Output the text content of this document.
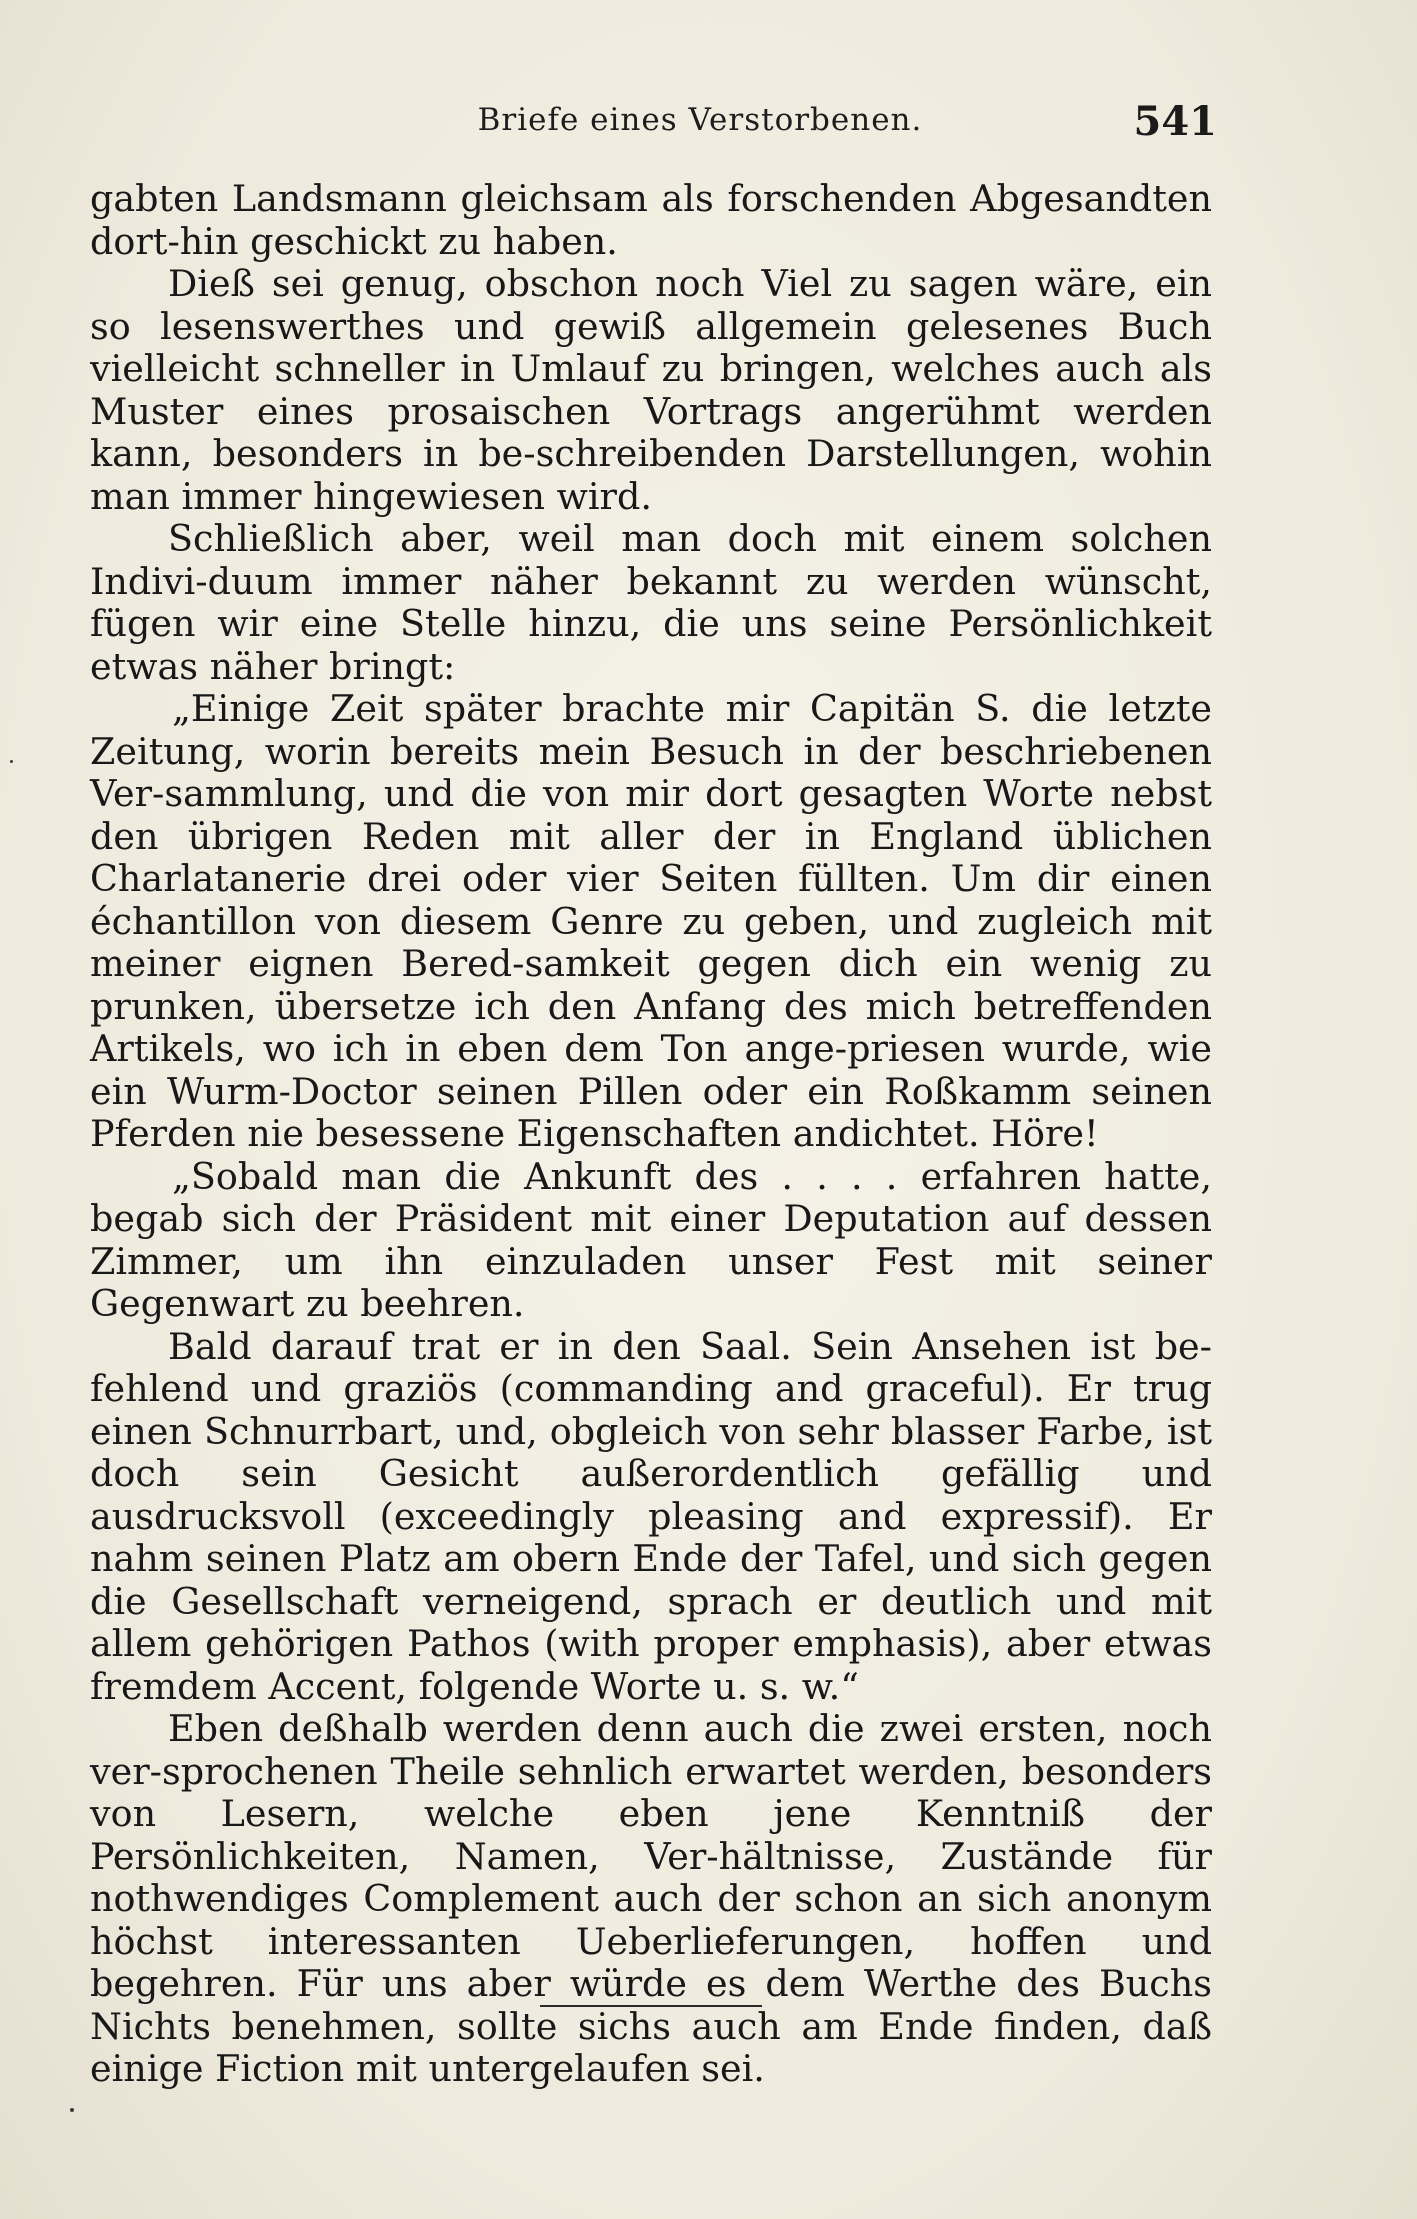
Briefe eines Verstorbenen.	541

gabten Landsmann gleichsam als forschenden Abgesandten dort-hin geschickt zu haben.

Dieß sei genug, obschon noch Viel zu sagen wäre, ein so lesenswerthes und gewiß allgemein gelesenes Buch vielleicht schneller in Umlauf zu bringen, welches auch als Muster eines prosaischen Vortrags angerühmt werden kann, besonders in be-schreibenden Darstellungen, wohin man immer hingewiesen wird.

Schließlich aber, weil man doch mit einem solchen Indivi-duum immer näher bekannt zu werden wünscht, fügen wir eine Stelle hinzu, die uns seine Persönlichkeit etwas näher bringt:

„Einige Zeit später brachte mir Capitän S. die letzte Zeitung, worin bereits mein Besuch in der beschriebenen Ver-sammlung, und die von mir dort gesagten Worte nebst den übrigen Reden mit aller der in England üblichen Charlatanerie drei oder vier Seiten füllten. Um dir einen échantillon von diesem Genre zu geben, und zugleich mit meiner eignen Bered-samkeit gegen dich ein wenig zu prunken, übersetze ich den Anfang des mich betreffenden Artikels, wo ich in eben dem Ton ange-priesen wurde, wie ein Wurm-Doctor seinen Pillen oder ein Roßkamm seinen Pferden nie besessene Eigenschaften andichtet. Höre!

„Sobald man die Ankunft des . . . . erfahren hatte, begab sich der Präsident mit einer Deputation auf dessen Zimmer, um ihn einzuladen unser Fest mit seiner Gegenwart zu beehren.

Bald darauf trat er in den Saal. Sein Ansehen ist be-fehlend und graziös (commanding and graceful). Er trug einen Schnurrbart, und, obgleich von sehr blasser Farbe, ist doch sein Gesicht außerordentlich gefällig und ausdrucksvoll (exceedingly pleasing and expressif). Er nahm seinen Platz am obern Ende der Tafel, und sich gegen die Gesellschaft verneigend, sprach er deutlich und mit allem gehörigen Pathos (with proper emphasis), aber etwas fremdem Accent, folgende Worte u. s. w.“

Eben deßhalb werden denn auch die zwei ersten, noch ver-sprochenen Theile sehnlich erwartet werden, besonders von Lesern, welche eben jene Kenntniß der Persönlichkeiten, Namen, Ver-hältnisse, Zustände für nothwendiges Complement auch der schon an sich anonym höchst interessanten Ueberlieferungen, hoffen und begehren. Für uns aber würde es dem Werthe des Buchs Nichts benehmen, sollte sichs auch am Ende finden, daß einige Fiction mit untergelaufen sei.
